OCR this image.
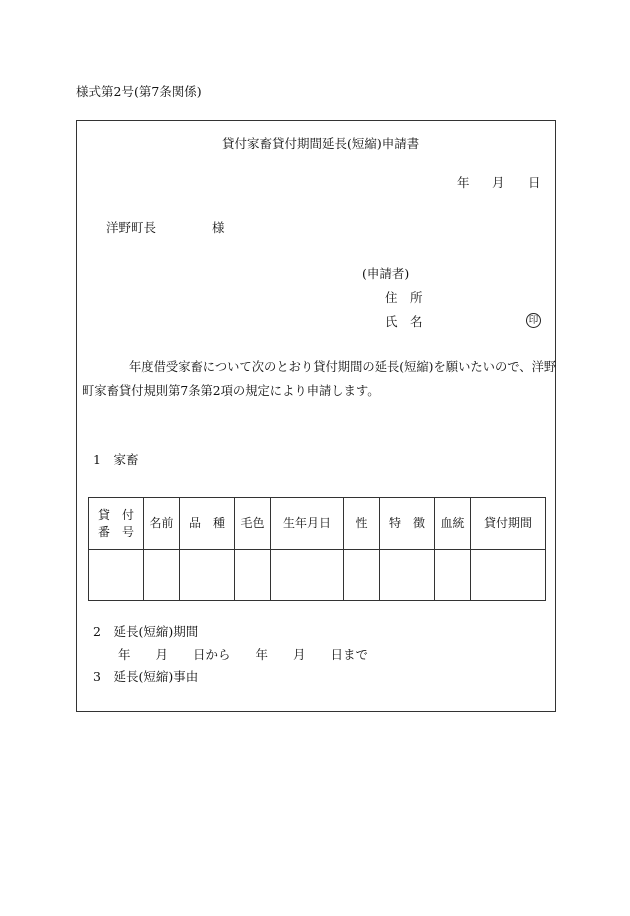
様式第2号(第7条関係)
貸付家畜貸付期間延長(短縮)申請書
年 月 日
洋野町長	様
(申請者)
住　所
氏　名	印
年度借受家畜について次のとおり貸付期間の延長(短縮)を願いたいので、洋野
町家畜貸付規則第7条第2項の規定により申請します。
1　家畜
貸　付
番　号	名前	品　種	毛色	生年月日	性	特　徴	血統	貸付期間

2　延長(短縮)期間
年　　月　　日から　　年　　月　　日まで
3　延長(短縮)事由
